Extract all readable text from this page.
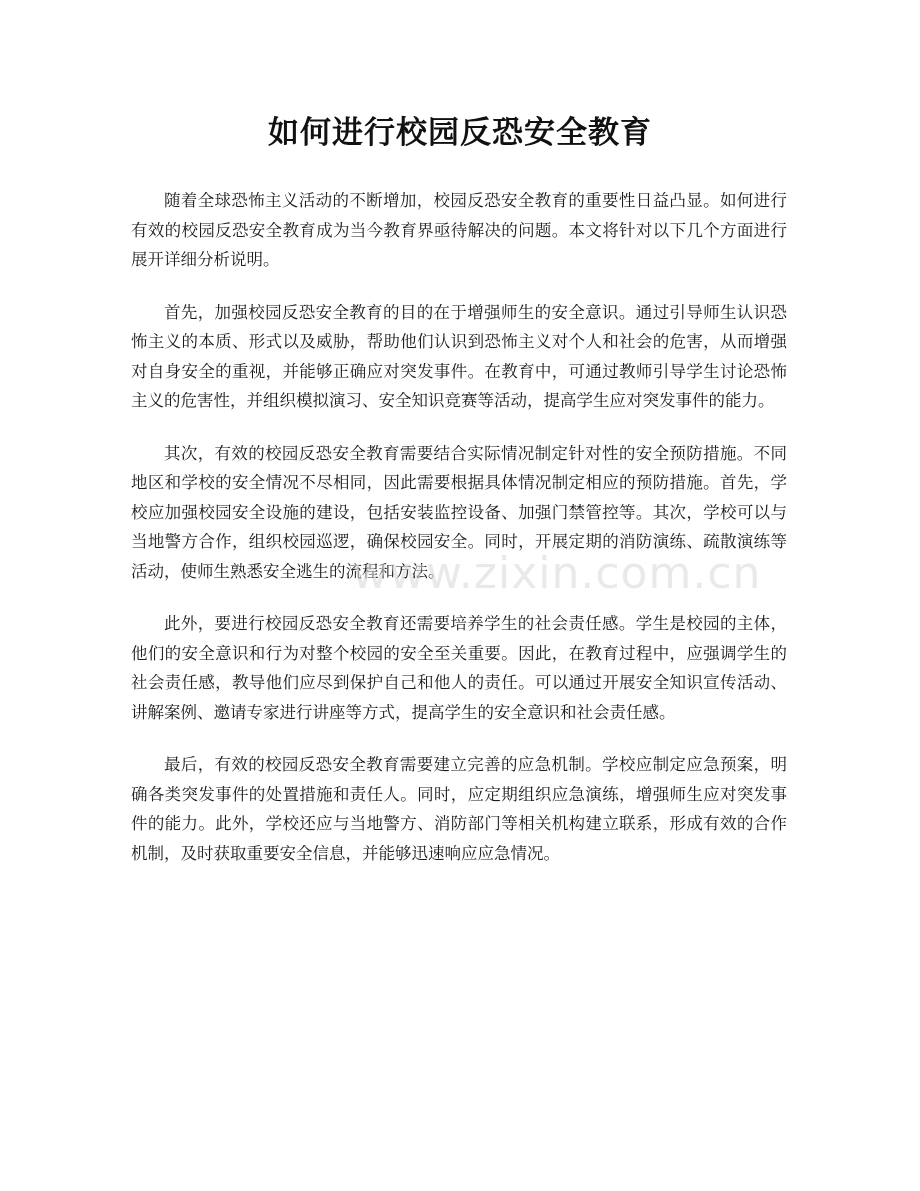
如何进行校园反恐安全教育

随着全球恐怖主义活动的不断增加，校园反恐安全教育的重要性日益凸显。如何进行有效的校园反恐安全教育成为当今教育界亟待解决的问题。本文将针对以下几个方面进行展开详细分析说明。

首先，加强校园反恐安全教育的目的在于增强师生的安全意识。通过引导师生认识恐怖主义的本质、形式以及威胁，帮助他们认识到恐怖主义对个人和社会的危害，从而增强对自身安全的重视，并能够正确应对突发事件。在教育中，可通过教师引导学生讨论恐怖主义的危害性，并组织模拟演习、安全知识竞赛等活动，提高学生应对突发事件的能力。

其次，有效的校园反恐安全教育需要结合实际情况制定针对性的安全预防措施。不同地区和学校的安全情况不尽相同，因此需要根据具体情况制定相应的预防措施。首先，学校应加强校园安全设施的建设，包括安装监控设备、加强门禁管控等。其次，学校可以与当地警方合作，组织校园巡逻，确保校园安全。同时，开展定期的消防演练、疏散演练等活动，使师生熟悉安全逃生的流程和方法。

此外，要进行校园反恐安全教育还需要培养学生的社会责任感。学生是校园的主体，他们的安全意识和行为对整个校园的安全至关重要。因此，在教育过程中，应强调学生的社会责任感，教导他们应尽到保护自己和他人的责任。可以通过开展安全知识宣传活动、讲解案例、邀请专家进行讲座等方式，提高学生的安全意识和社会责任感。

最后，有效的校园反恐安全教育需要建立完善的应急机制。学校应制定应急预案，明确各类突发事件的处置措施和责任人。同时，应定期组织应急演练，增强师生应对突发事件的能力。此外，学校还应与当地警方、消防部门等相关机构建立联系，形成有效的合作机制，及时获取重要安全信息，并能够迅速响应应急情况。

www.zixin.com.cn
